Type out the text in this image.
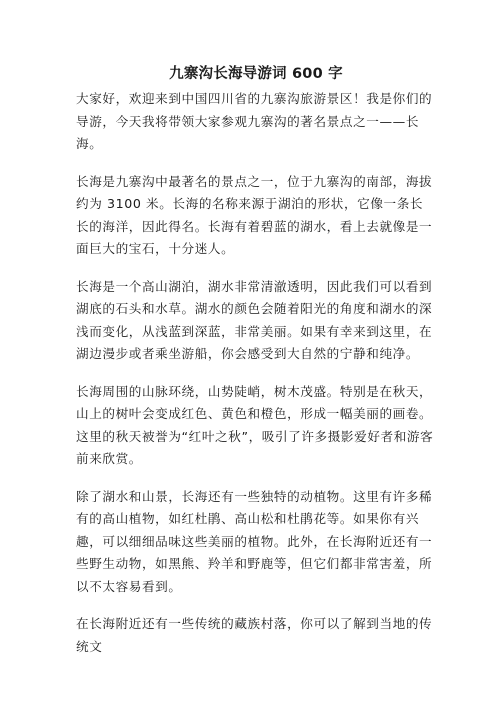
九寨沟长海导游词 600 字

大家好，欢迎来到中国四川省的九寨沟旅游景区！我是你们的导游，今天我将带领大家参观九寨沟的著名景点之一——长海。

长海是九寨沟中最著名的景点之一，位于九寨沟的南部，海拔约为 3100 米。长海的名称来源于湖泊的形状，它像一条长长的海洋，因此得名。长海有着碧蓝的湖水，看上去就像是一面巨大的宝石，十分迷人。

长海是一个高山湖泊，湖水非常清澈透明，因此我们可以看到湖底的石头和水草。湖水的颜色会随着阳光的角度和湖水的深浅而变化，从浅蓝到深蓝，非常美丽。如果有幸来到这里，在湖边漫步或者乘坐游船，你会感受到大自然的宁静和纯净。

长海周围的山脉环绕，山势陡峭，树木茂盛。特别是在秋天，山上的树叶会变成红色、黄色和橙色，形成一幅美丽的画卷。这里的秋天被誉为“红叶之秋”，吸引了许多摄影爱好者和游客前来欣赏。

除了湖水和山景，长海还有一些独特的动植物。这里有许多稀有的高山植物，如红杜鹃、高山松和杜鹃花等。如果你有兴趣，可以细细品味这些美丽的植物。此外，在长海附近还有一些野生动物，如黑熊、羚羊和野鹿等，但它们都非常害羞，所以不太容易看到。

在长海附近还有一些传统的藏族村落，你可以了解到当地的传统文
